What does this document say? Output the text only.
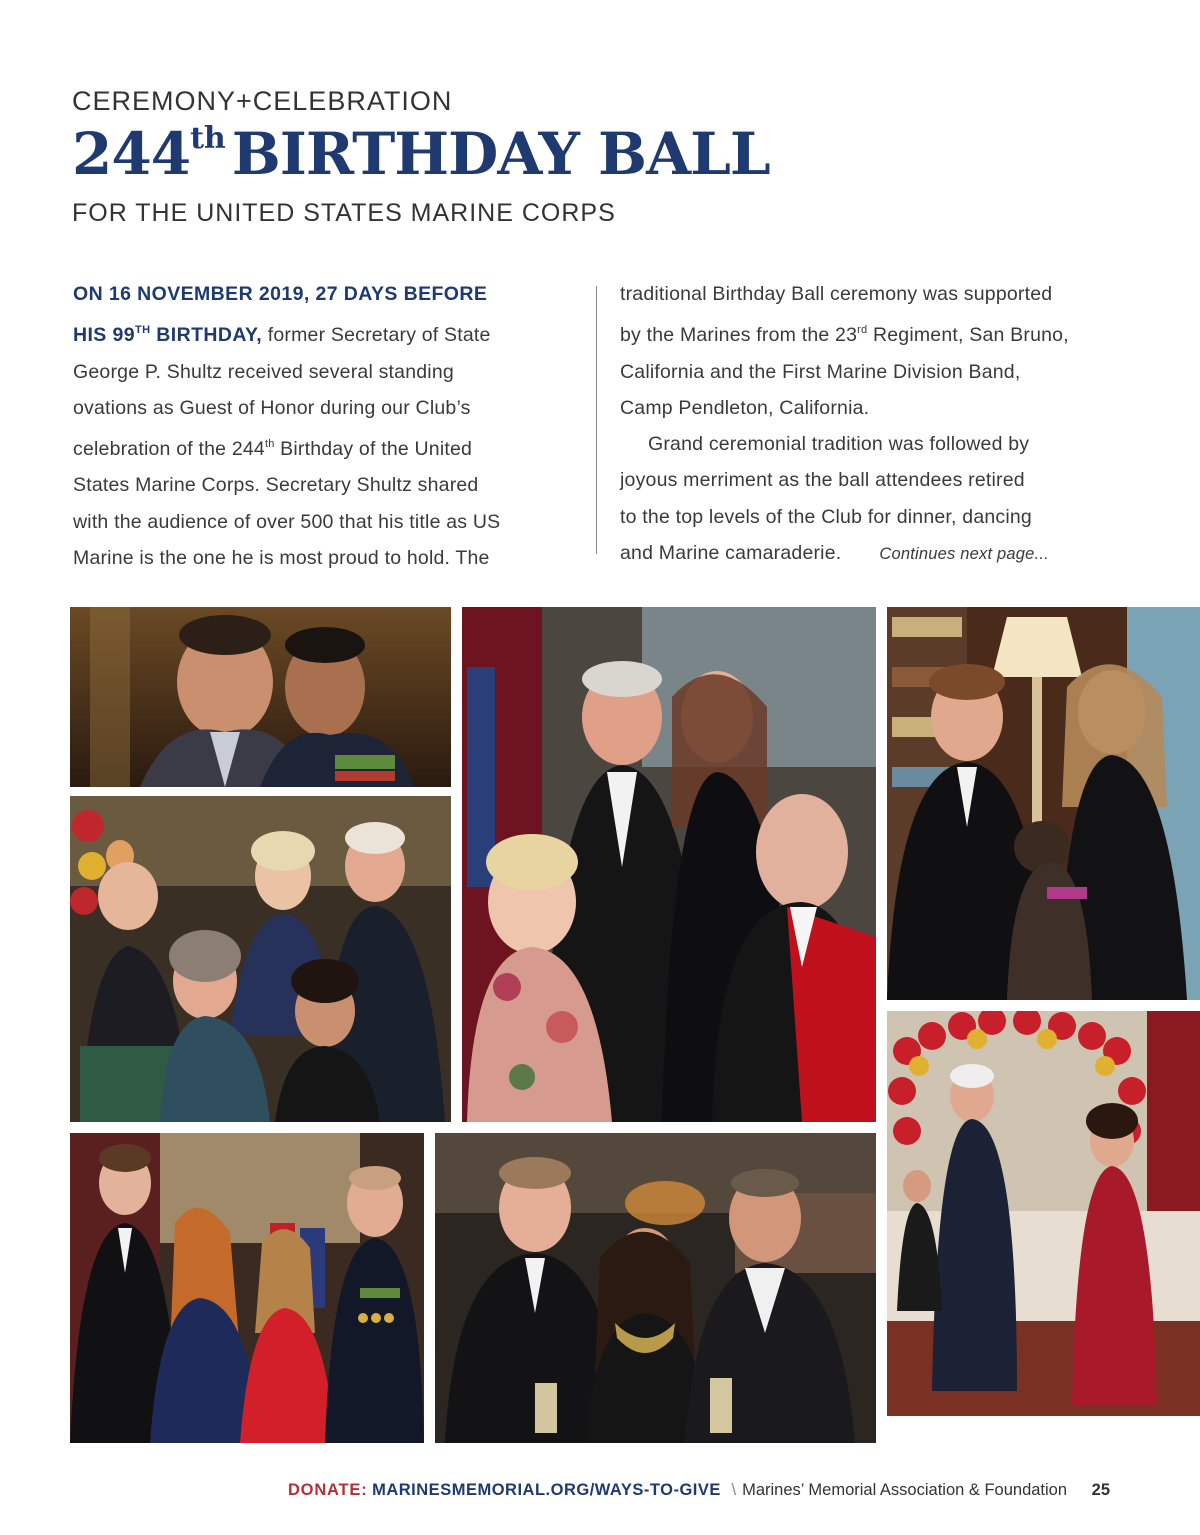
CEREMONY+CELEBRATION
244th BIRTHDAY BALL
FOR THE UNITED STATES MARINE CORPS
ON 16 NOVEMBER 2019, 27 DAYS BEFORE
HIS 99TH BIRTHDAY, former Secretary of State
George P. Shultz received several standing
ovations as Guest of Honor during our Club’s
celebration of the 244th Birthday of the United
States Marine Corps. Secretary Shultz shared
with the audience of over 500 that his title as US
Marine is the one he is most proud to hold. The
traditional Birthday Ball ceremony was supported
by the Marines from the 23rd Regiment, San Bruno,
California and the First Marine Division Band,
Camp Pendleton, California.
Grand ceremonial tradition was followed by
joyous merriment as the ball attendees retired
to the top levels of the Club for dinner, dancing
and Marine camaraderie. Continues next page...
DONATE: MARINESMEMORIAL.ORG/WAYS-TO-GIVE \ Marines’ Memorial Association & Foundation 25
